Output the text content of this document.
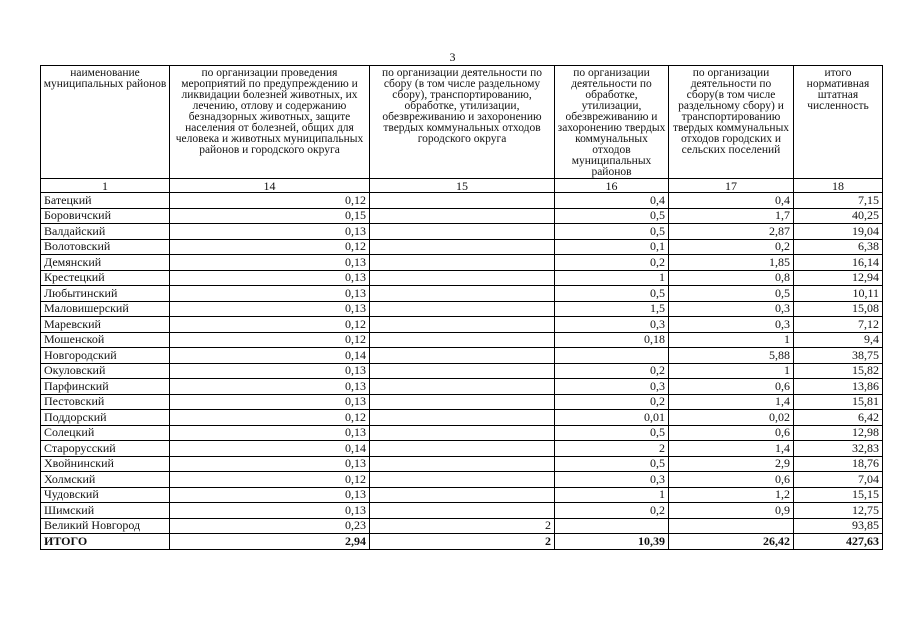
3
наименование муниципальных районов	по организации проведения мероприятий по предупреждению и ликвидации болезней животных, их лечению, отлову и содержанию безнадзорных животных, защите населения от болезней, общих для человека и животных муниципальных районов и городского округа	по организации деятельности по сбору (в том числе раздельному сбору), транспортированию, обработке, утилизации, обезвреживанию и захоронению твердых коммунальных отходов городского округа	по организации деятельности по обработке, утилизации, обезвреживанию и захоронению твердых коммунальных отходов муниципальных районов	по организации деятельности по сбору(в том числе раздельному сбору) и транспортированию твердых коммунальных отходов городских и сельских поселений	итого нормативная штатная численность
1	14	15	16	17	18
Батецкий	0,12		0,4	0,4	7,15
Боровичский	0,15		0,5	1,7	40,25
Валдайский	0,13		0,5	2,87	19,04
Волотовский	0,12		0,1	0,2	6,38
Демянский	0,13		0,2	1,85	16,14
Крестецкий	0,13		1	0,8	12,94
Любытинский	0,13		0,5	0,5	10,11
Маловишерский	0,13		1,5	0,3	15,08
Маревский	0,12		0,3	0,3	7,12
Мошенской	0,12		0,18	1	9,4
Новгородский	0,14			5,88	38,75
Окуловский	0,13		0,2	1	15,82
Парфинский	0,13		0,3	0,6	13,86
Пестовский	0,13		0,2	1,4	15,81
Поддорский	0,12		0,01	0,02	6,42
Солецкий	0,13		0,5	0,6	12,98
Старорусский	0,14		2	1,4	32,83
Хвойнинский	0,13		0,5	2,9	18,76
Холмский	0,12		0,3	0,6	7,04
Чудовский	0,13		1	1,2	15,15
Шимский	0,13		0,2	0,9	12,75
Великий Новгород	0,23	2			93,85
ИТОГО	2,94	2	10,39	26,42	427,63
